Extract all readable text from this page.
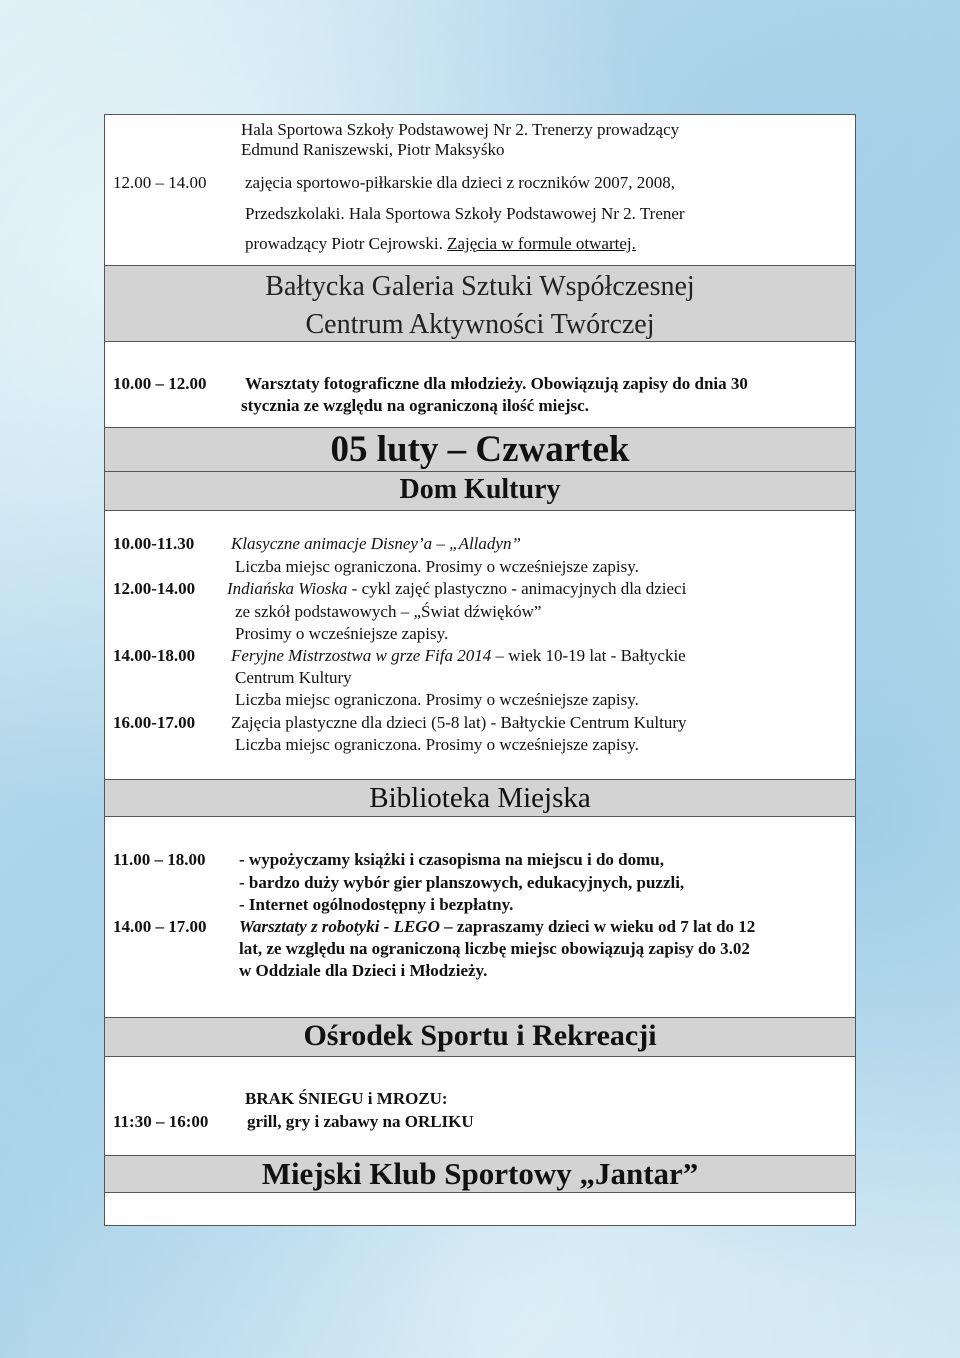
Hala Sportowa Szkoły Podstawowej Nr 2. Trenerzy prowadzący
Edmund Raniszewski, Piotr Maksyśko
12.00 – 14.00 zajęcia sportowo-piłkarskie dla dzieci z roczników 2007, 2008,
Przedszkolaki. Hala Sportowa Szkoły Podstawowej Nr 2. Trener
prowadzący Piotr Cejrowski. Zajęcia w formule otwartej.
Bałtycka Galeria Sztuki Współczesnej
Centrum Aktywności Twórczej
10.00 – 12.00 Warsztaty fotograficzne dla młodzieży. Obowiązują zapisy do dnia 30
stycznia ze względu na ograniczoną ilość miejsc.
05 luty – Czwartek
Dom Kultury
10.00-11.30 Klasyczne animacje Disney’a – „Alladyn”
Liczba miejsc ograniczona. Prosimy o wcześniejsze zapisy.
12.00-14.00 Indiańska Wioska - cykl zajęć plastyczno - animacyjnych dla dzieci
ze szkół podstawowych – „Świat dźwięków”
Prosimy o wcześniejsze zapisy.
14.00-18.00 Feryjne Mistrzostwa w grze Fifa 2014 – wiek 10-19 lat - Bałtyckie
Centrum Kultury
Liczba miejsc ograniczona. Prosimy o wcześniejsze zapisy.
16.00-17.00 Zajęcia plastyczne dla dzieci (5-8 lat) - Bałtyckie Centrum Kultury
Liczba miejsc ograniczona. Prosimy o wcześniejsze zapisy.
Biblioteka Miejska
11.00 – 18.00 - wypożyczamy książki i czasopisma na miejscu i do domu,
- bardzo duży wybór gier planszowych, edukacyjnych, puzzli,
- Internet ogólnodostępny i bezpłatny.
14.00 – 17.00 Warsztaty z robotyki - LEGO – zapraszamy dzieci w wieku od 7 lat do 12
lat, ze względu na ograniczoną liczbę miejsc obowiązują zapisy do 3.02
w Oddziale dla Dzieci i Młodzieży.
Ośrodek Sportu i Rekreacji
BRAK ŚNIEGU i MROZU:
11:30 – 16:00 grill, gry i zabawy na ORLIKU
Miejski Klub Sportowy „Jantar”
